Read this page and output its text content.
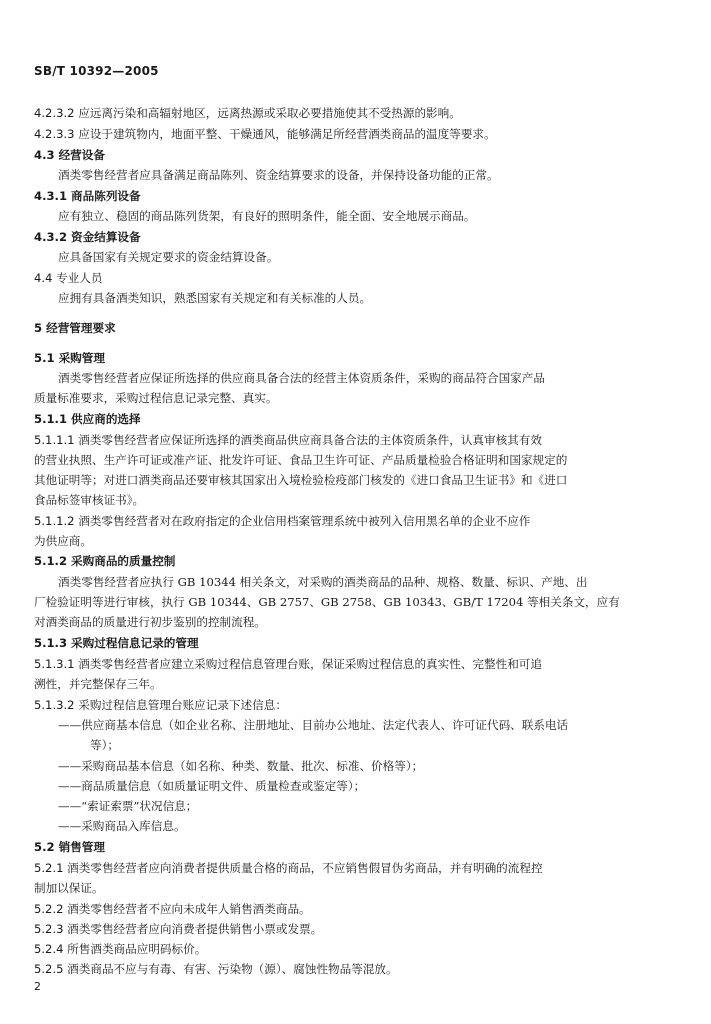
SB/T 10392—2005
4.2.3.2 应远离污染和高辐射地区，远离热源或采取必要措施使其不受热源的影响。
4.2.3.3 应设于建筑物内，地面平整、干燥通风，能够满足所经营酒类商品的温度等要求。
4.3 经营设备
酒类零售经营者应具备满足商品陈列、资金结算要求的设备，并保持设备功能的正常。
4.3.1 商品陈列设备
应有独立、稳固的商品陈列货架，有良好的照明条件，能全面、安全地展示商品。
4.3.2 资金结算设备
应具备国家有关规定要求的资金结算设备。
4.4 专业人员
应拥有具备酒类知识，熟悉国家有关规定和有关标准的人员。
5 经营管理要求
5.1 采购管理
酒类零售经营者应保证所选择的供应商具备合法的经营主体资质条件，采购的商品符合国家产品
质量标准要求，采购过程信息记录完整、真实。
5.1.1 供应商的选择
5.1.1.1 酒类零售经营者应保证所选择的酒类商品供应商具备合法的主体资质条件，认真审核其有效
的营业执照、生产许可证或准产证、批发许可证、食品卫生许可证、产品质量检验合格证明和国家规定的
其他证明等；对进口酒类商品还要审核其国家出入境检验检疫部门核发的《进口食品卫生证书》和《进口
食品标签审核证书》。
5.1.1.2 酒类零售经营者对在政府指定的企业信用档案管理系统中被列入信用黑名单的企业不应作
为供应商。
5.1.2 采购商品的质量控制
酒类零售经营者应执行 GB 10344 相关条文，对采购的酒类商品的品种、规格、数量、标识、产地、出
厂检验证明等进行审核，执行 GB 10344、GB 2757、GB 2758、GB 10343、GB/T 17204 等相关条文，应有
对酒类商品的质量进行初步鉴别的控制流程。
5.1.3 采购过程信息记录的管理
5.1.3.1 酒类零售经营者应建立采购过程信息管理台账，保证采购过程信息的真实性、完整性和可追
溯性，并完整保存三年。
5.1.3.2 采购过程信息管理台账应记录下述信息：
——供应商基本信息（如企业名称、注册地址、目前办公地址、法定代表人、许可证代码、联系电话
等）；
——采购商品基本信息（如名称、种类、数量、批次、标准、价格等）；
——商品质量信息（如质量证明文件、质量检查或鉴定等）；
——“索证索票”状况信息；
——采购商品入库信息。
5.2 销售管理
5.2.1 酒类零售经营者应向消费者提供质量合格的商品，不应销售假冒伪劣商品，并有明确的流程控
制加以保证。
5.2.2 酒类零售经营者不应向未成年人销售酒类商品。
5.2.3 酒类零售经营者应向消费者提供销售小票或发票。
5.2.4 所售酒类商品应明码标价。
5.2.5 酒类商品不应与有毒、有害、污染物（源）、腐蚀性物品等混放。
2
